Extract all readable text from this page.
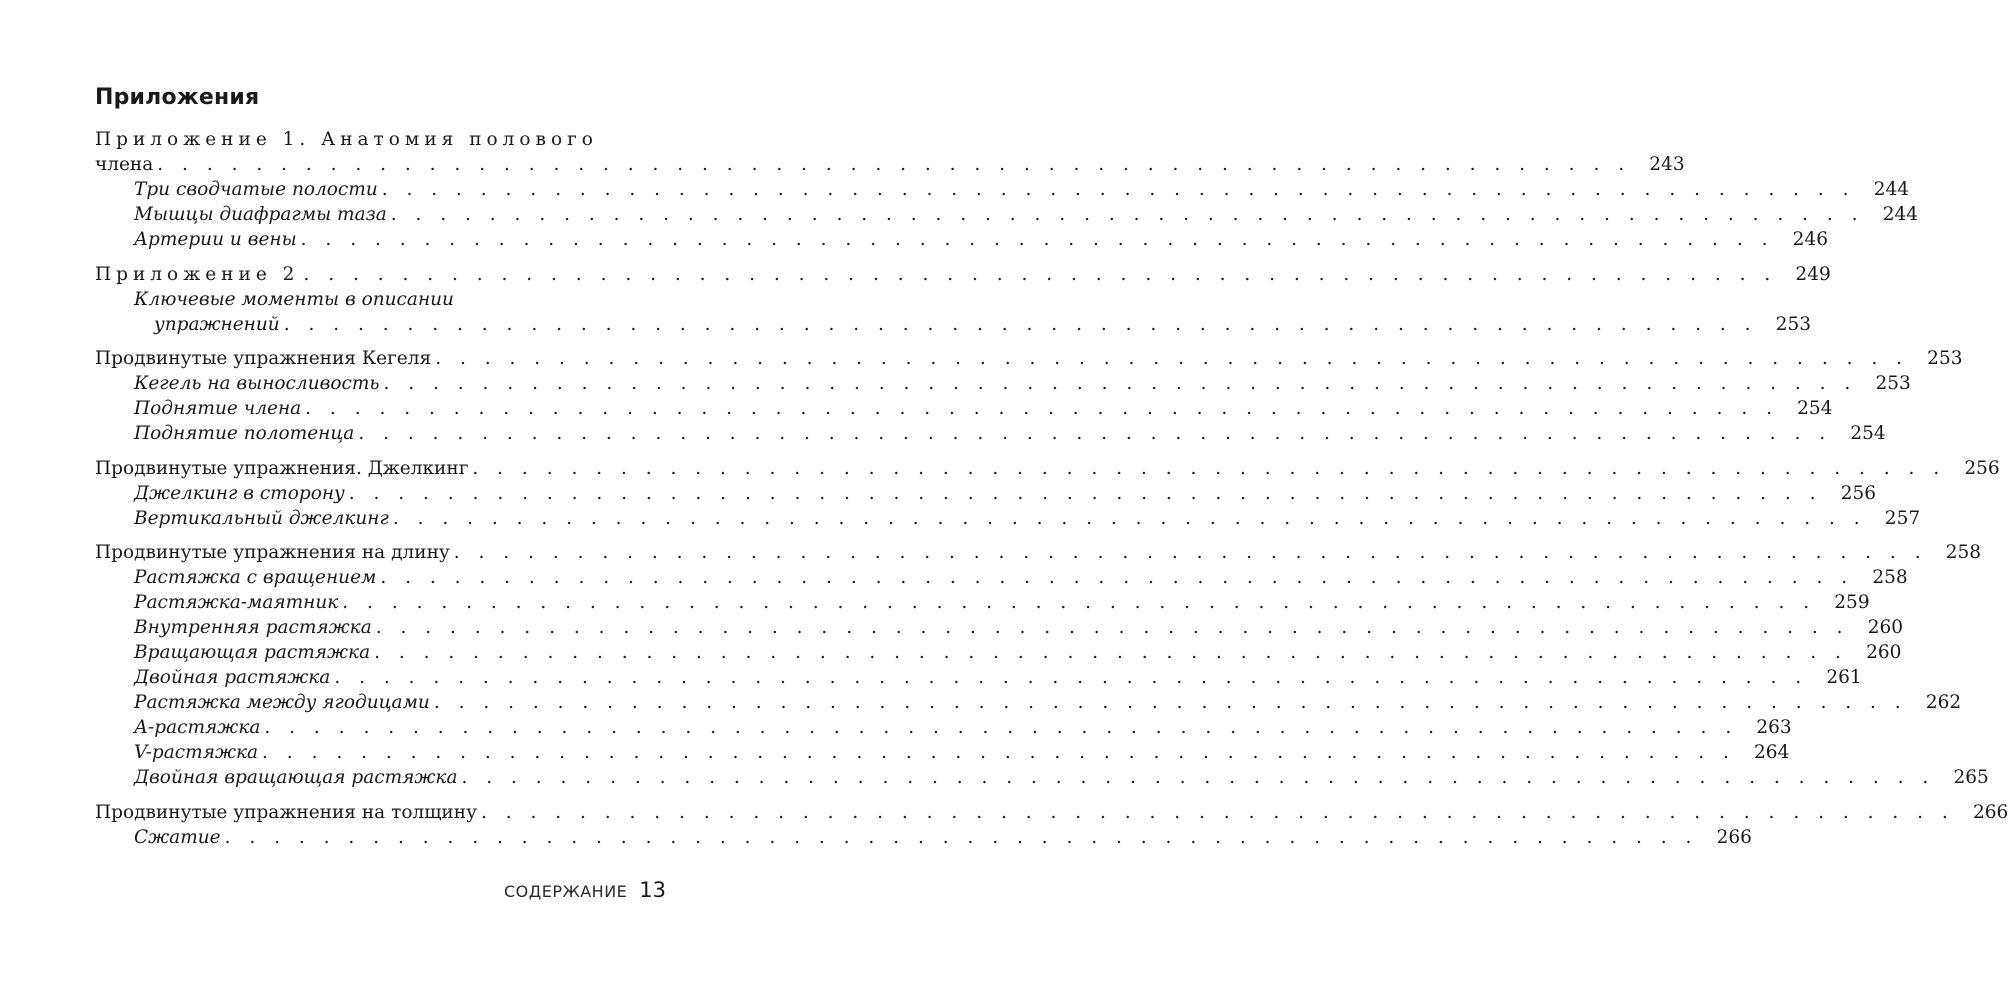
Приложения
Приложение 1. Анатомия полового
члена . . . . . . . . . . . . . . . . . . . . . . . . . . . . . . . . . . . . . . . . . . . . . . . . . . . . . . . . . . . .	243
Три сводчатые полости . . . . . . . . . . . . . . . . . . . . . . . . . . . . . . . . . . . . . . . . . . . . . . . . . . . . . . . . . . . .	244
Мышцы диафрагмы таза . . . . . . . . . . . . . . . . . . . . . . . . . . . . . . . . . . . . . . . . . . . . . . . . . . . . . . . . . . . .	244
Артерии и вены . . . . . . . . . . . . . . . . . . . . . . . . . . . . . . . . . . . . . . . . . . . . . . . . . . . . . . . . . . . .	246
Приложение 2 . . . . . . . . . . . . . . . . . . . . . . . . . . . . . . . . . . . . . . . . . . . . . . . . . . . . . . . . . . . .	249
Ключевые моменты в описании
упражнений . . . . . . . . . . . . . . . . . . . . . . . . . . . . . . . . . . . . . . . . . . . . . . . . . . . . . . . . . . . .	253
Продвинутые упражнения Кегеля . . . . . . . . . . . . . . . . . . . . . . . . . . . . . . . . . . . . . . . . . . . . . . . . . . . . . . . . . . . .	253
Кегель на выносливость . . . . . . . . . . . . . . . . . . . . . . . . . . . . . . . . . . . . . . . . . . . . . . . . . . . . . . . . . . . .	253
Поднятие члена . . . . . . . . . . . . . . . . . . . . . . . . . . . . . . . . . . . . . . . . . . . . . . . . . . . . . . . . . . . .	254
Поднятие полотенца . . . . . . . . . . . . . . . . . . . . . . . . . . . . . . . . . . . . . . . . . . . . . . . . . . . . . . . . . . . .	254
Продвинутые упражнения. Джелкинг . . . . . . . . . . . . . . . . . . . . . . . . . . . . . . . . . . . . . . . . . . . . . . . . . . . . . . . . . . . .	256
Джелкинг в сторону . . . . . . . . . . . . . . . . . . . . . . . . . . . . . . . . . . . . . . . . . . . . . . . . . . . . . . . . . . . .	256
Вертикальный джелкинг . . . . . . . . . . . . . . . . . . . . . . . . . . . . . . . . . . . . . . . . . . . . . . . . . . . . . . . . . . . .	257
Продвинутые упражнения на длину . . . . . . . . . . . . . . . . . . . . . . . . . . . . . . . . . . . . . . . . . . . . . . . . . . . . . . . . . . . .	258
Растяжка с вращением . . . . . . . . . . . . . . . . . . . . . . . . . . . . . . . . . . . . . . . . . . . . . . . . . . . . . . . . . . . .	258
Растяжка-маятник . . . . . . . . . . . . . . . . . . . . . . . . . . . . . . . . . . . . . . . . . . . . . . . . . . . . . . . . . . . .	259
Внутренняя растяжка . . . . . . . . . . . . . . . . . . . . . . . . . . . . . . . . . . . . . . . . . . . . . . . . . . . . . . . . . . . .	260
Вращающая растяжка . . . . . . . . . . . . . . . . . . . . . . . . . . . . . . . . . . . . . . . . . . . . . . . . . . . . . . . . . . . .	260
Двойная растяжка . . . . . . . . . . . . . . . . . . . . . . . . . . . . . . . . . . . . . . . . . . . . . . . . . . . . . . . . . . . .	261
Растяжка между ягодицами . . . . . . . . . . . . . . . . . . . . . . . . . . . . . . . . . . . . . . . . . . . . . . . . . . . . . . . . . . . .	262
А-растяжка . . . . . . . . . . . . . . . . . . . . . . . . . . . . . . . . . . . . . . . . . . . . . . . . . . . . . . . . . . . .	263
V-растяжка . . . . . . . . . . . . . . . . . . . . . . . . . . . . . . . . . . . . . . . . . . . . . . . . . . . . . . . . . . . .	264
Двойная вращающая растяжка . . . . . . . . . . . . . . . . . . . . . . . . . . . . . . . . . . . . . . . . . . . . . . . . . . . . . . . . . . . .	265
Продвинутые упражнения на толщину . . . . . . . . . . . . . . . . . . . . . . . . . . . . . . . . . . . . . . . . . . . . . . . . . . . . . . . . . . . .	266
Сжатие . . . . . . . . . . . . . . . . . . . . . . . . . . . . . . . . . . . . . . . . . . . . . . . . . . . . . . . . . . . .	266
СОДЕРЖАНИЕ 13
